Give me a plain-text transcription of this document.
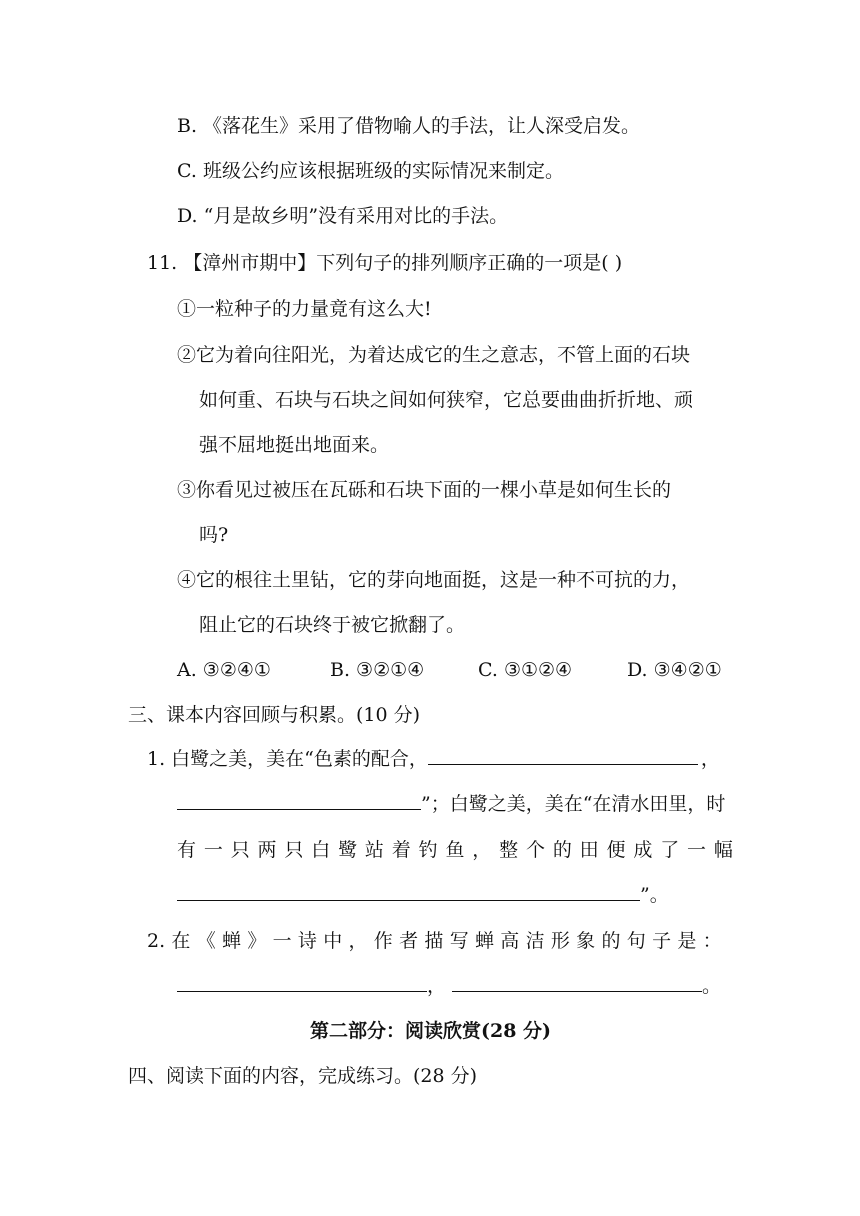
B. 《落花生》采用了借物喻人的手法，让人深受启发。
C. 班级公约应该根据班级的实际情况来制定。
D. “月是故乡明”没有采用对比的手法。
11. 【漳州市期中】下列句子的排列顺序正确的一项是( )
①一粒种子的力量竟有这么大!
②它为着向往阳光，为着达成它的生之意志，不管上面的石块
如何重、石块与石块之间如何狭窄，它总要曲曲折折地、顽
强不屈地挺出地面来。
③你看见过被压在瓦砾和石块下面的一棵小草是如何生长的
吗?
④它的根往土里钻，它的芽向地面挺，这是一种不可抗的力，
阻止它的石块终于被它掀翻了。
A. ③②④①	B. ③②①④	C. ③①②④	D. ③④②①
三、课本内容回顾与积累。(10 分)
1. 白鹭之美，美在“色素的配合，	，
”；白鹭之美，美在“在清水田里，时
有 一 只 两 只 白 鹭 站 着 钓 鱼 ， 整 个 的 田 便 成 了 一 幅
”。
2. 在 《 蝉 》 一 诗 中 ， 作 者 描 写 蝉 高 洁 形 象 的 句 子 是 ：
，	。
第二部分：阅读欣赏(28 分)
四、阅读下面的内容，完成练习。(28 分)
